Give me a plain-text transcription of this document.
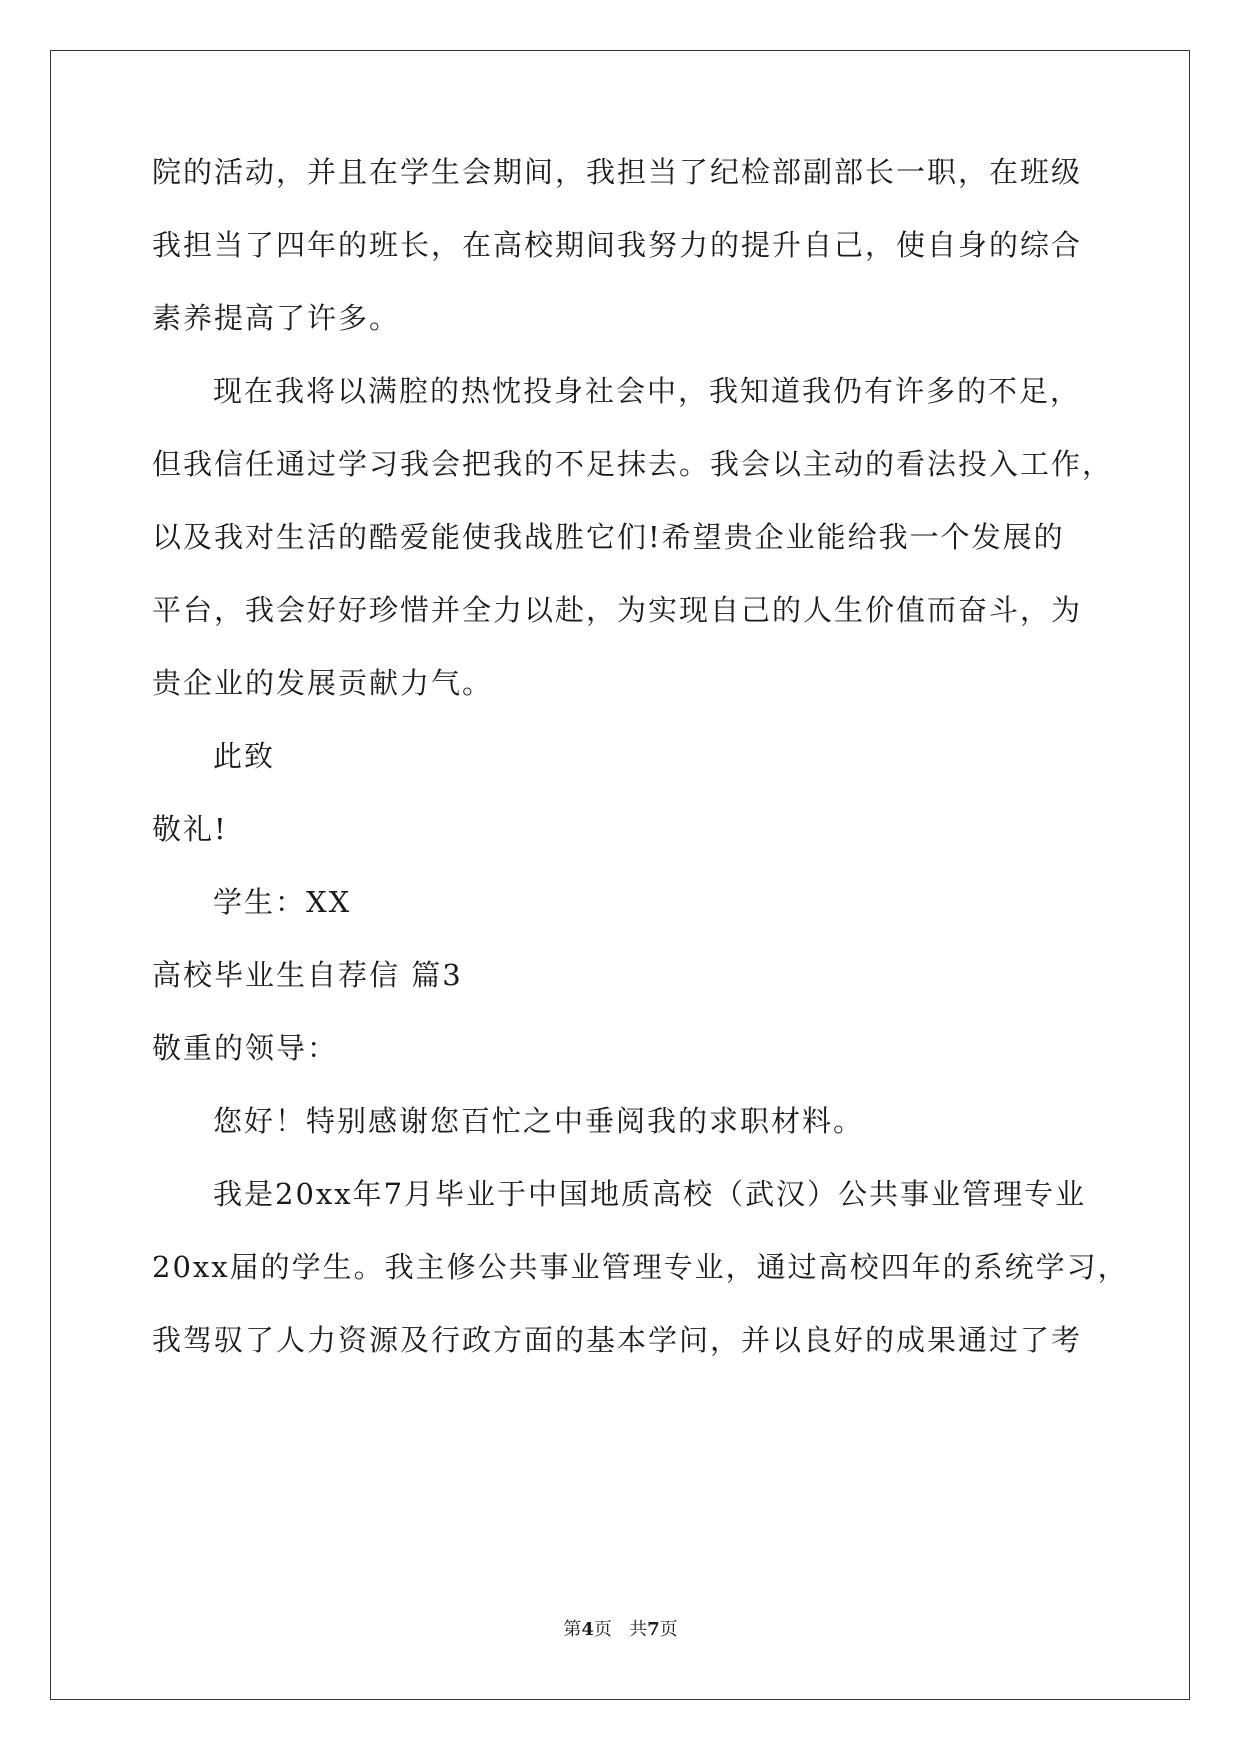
院的活动，并且在学生会期间，我担当了纪检部副部长一职，在班级
我担当了四年的班长，在高校期间我努力的提升自己，使自身的综合
素养提高了许多。
现在我将以满腔的热忱投身社会中，我知道我仍有许多的不足，
但我信任通过学习我会把我的不足抹去。我会以主动的看法投入工作，
以及我对生活的酷爱能使我战胜它们!希望贵企业能给我一个发展的
平台，我会好好珍惜并全力以赴，为实现自己的人生价值而奋斗，为
贵企业的发展贡献力气。
此致
敬礼!
学生：XX
高校毕业生自荐信 篇3
敬重的领导：
您好！特别感谢您百忙之中垂阅我的求职材料。
我是20xx年7月毕业于中国地质高校（武汉）公共事业管理专业
20xx届的学生。我主修公共事业管理专业，通过高校四年的系统学习，
我驾驭了人力资源及行政方面的基本学问，并以良好的成果通过了考
第4页   共7页
